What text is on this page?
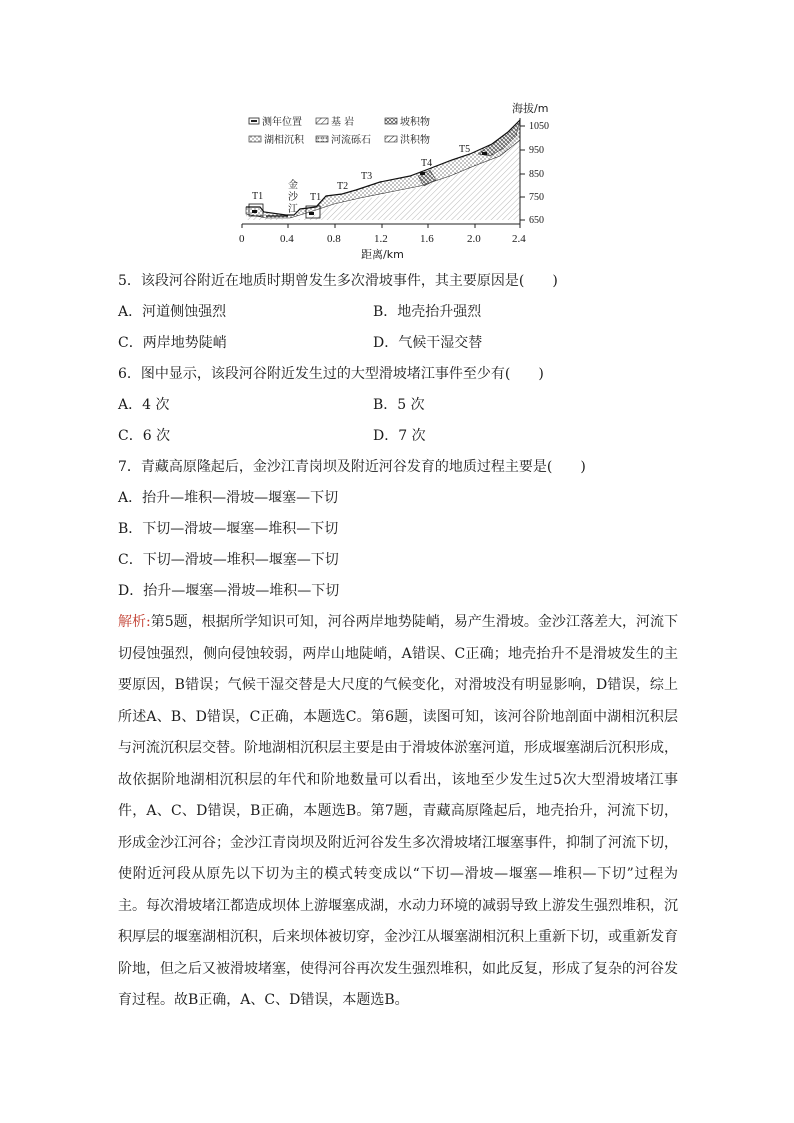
测年位置	基 岩	坡积物
湖相沉积	河流砾石	洪积物
海拔/m
1050
950
850
750
650
0	0.4	0.8	1.2	1.6	2.0	2.4
距离/km
金
沙
江
T1	T1
T2
T3
T4
T5
5．该段河谷附近在地质时期曾发生多次滑坡事件，其主要原因是(　　)
A．河道侧蚀强烈	B．地壳抬升强烈
C．两岸地势陡峭	D．气候干湿交替
6．图中显示，该段河谷附近发生过的大型滑坡堵江事件至少有(　　)
A．4 次	B．5 次
C．6 次	D．7 次
7．青藏高原隆起后，金沙江青岗坝及附近河谷发育的地质过程主要是(　　)
A．抬升—堆积—滑坡—堰塞—下切
B．下切—滑坡—堰塞—堆积—下切
C．下切—滑坡—堆积—堰塞—下切
D．抬升—堰塞—滑坡—堆积—下切
解析:第5题，根据所学知识可知，河谷两岸地势陡峭，易产生滑坡。金沙江落差大，河流下切侵蚀强烈，侧向侵蚀较弱，两岸山地陡峭，A错误、C正确；地壳抬升不是滑坡发生的主要原因，B错误；气候干湿交替是大尺度的气候变化，对滑坡没有明显影响，D错误，综上所述A、B、D错误，C正确，本题选C。第6题，读图可知，该河谷阶地剖面中湖相沉积层与河流沉积层交替。阶地湖相沉积层主要是由于滑坡体淤塞河道，形成堰塞湖后沉积形成，故依据阶地湖相沉积层的年代和阶地数量可以看出，该地至少发生过5次大型滑坡堵江事件，A、C、D错误，B正确，本题选B。第7题，青藏高原隆起后，地壳抬升，河流下切，形成金沙江河谷；金沙江青岗坝及附近河谷发生多次滑坡堵江堰塞事件，抑制了河流下切，使附近河段从原先以下切为主的模式转变成以“下切—滑坡—堰塞—堆积—下切”过程为主。每次滑坡堵江都造成坝体上游堰塞成湖，水动力环境的减弱导致上游发生强烈堆积，沉积厚层的堰塞湖相沉积，后来坝体被切穿，金沙江从堰塞湖相沉积上重新下切，或重新发育阶地，但之后又被滑坡堵塞，使得河谷再次发生强烈堆积，如此反复，形成了复杂的河谷发育过程。故B正确，A、C、D错误，本题选B。
